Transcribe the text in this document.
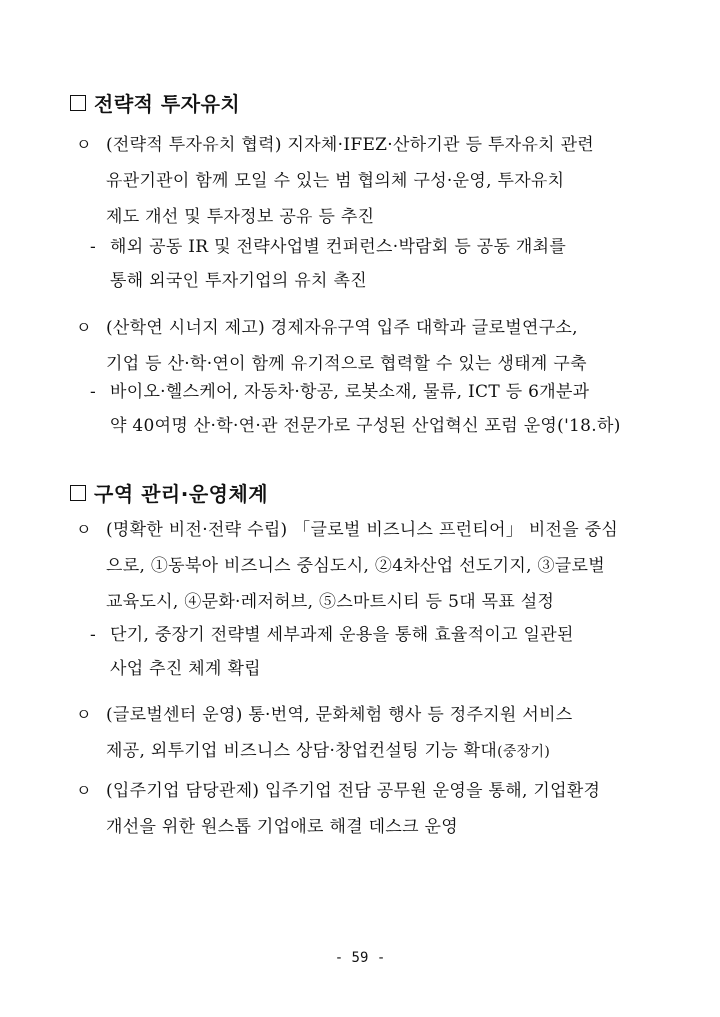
전략적 투자유치
ㅇ (전략적 투자유치 협력) 지자체·IFEZ·산하기관 등 투자유치 관련
유관기관이 함께 모일 수 있는 범 협의체 구성·운영, 투자유치
제도 개선 및 투자정보 공유 등 추진
- 해외 공동 IR 및 전략사업별 컨퍼런스·박람회 등 공동 개최를
통해 외국인 투자기업의 유치 촉진
ㅇ (산학연 시너지 제고) 경제자유구역 입주 대학과 글로벌연구소,
기업 등 산·학·연이 함께 유기적으로 협력할 수 있는 생태계 구축
- 바이오·헬스케어, 자동차·항공, 로봇소재, 물류, ICT 등 6개분과
약 40여명 산·학·연·관 전문가로 구성된 산업혁신 포럼 운영('18.하)
구역 관리·운영체계
ㅇ (명확한 비전·전략 수립) 「글로벌 비즈니스 프런티어」 비전을 중심
으로, ①동북아 비즈니스 중심도시, ②4차산업 선도기지, ③글로벌
교육도시, ④문화·레저허브, ⑤스마트시티 등 5대 목표 설정
- 단기, 중장기 전략별 세부과제 운용을 통해 효율적이고 일관된
사업 추진 체계 확립
ㅇ (글로벌센터 운영) 통·번역, 문화체험 행사 등 정주지원 서비스
제공, 외투기업 비즈니스 상담·창업컨설팅 기능 확대(중장기)
ㅇ (입주기업 담당관제) 입주기업 전담 공무원 운영을 통해, 기업환경
개선을 위한 원스톱 기업애로 해결 데스크 운영
- 59 -
